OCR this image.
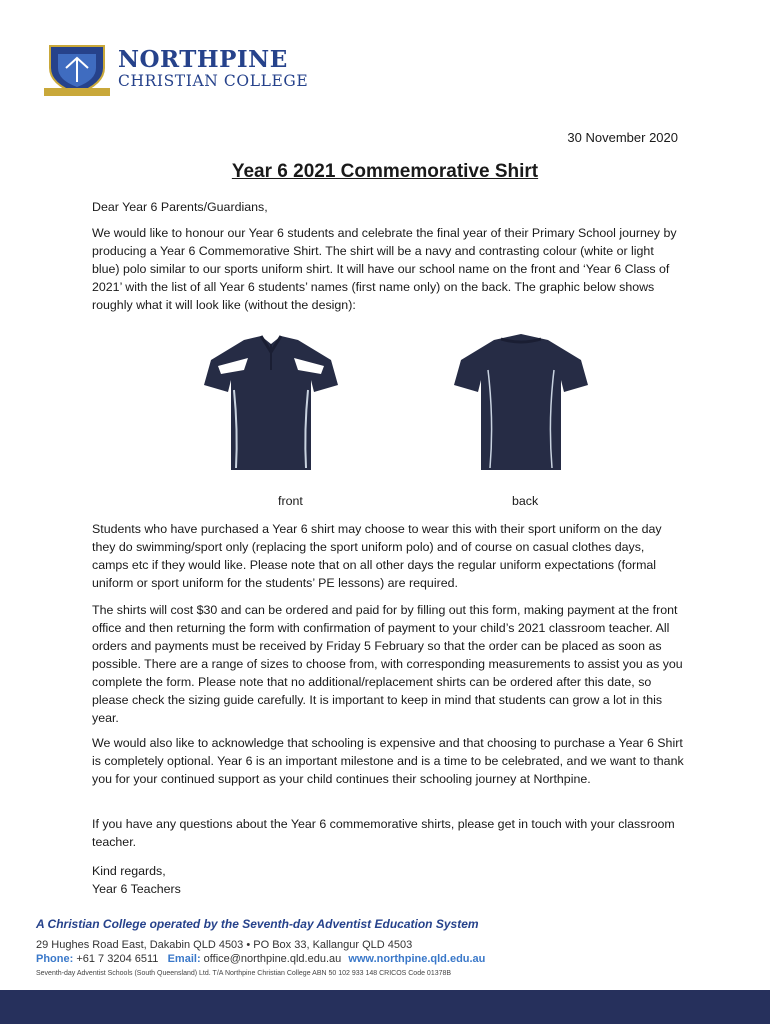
NORTHPINE
CHRISTIAN COLLEGE
30 November 2020
Year 6 2021 Commemorative Shirt
Dear Year 6 Parents/Guardians,
We would like to honour our Year 6 students and celebrate the final year of their Primary School journey by producing a Year 6 Commemorative Shirt. The shirt will be a navy and contrasting colour (white or light blue) polo similar to our sports uniform shirt. It will have our school name on the front and ‘Year 6 Class of 2021’ with the list of all Year 6 students’ names (first name only) on the back. The graphic below shows roughly what it will look like (without the design):
front	back
Students who have purchased a Year 6 shirt may choose to wear this with their sport uniform on the day they do swimming/sport only (replacing the sport uniform polo) and of course on casual clothes days, camps etc if they would like. Please note that on all other days the regular uniform expectations (formal uniform or sport uniform for the students’ PE lessons) are required.
The shirts will cost $30 and can be ordered and paid for by filling out this form, making payment at the front office and then returning the form with confirmation of payment to your child’s 2021 classroom teacher. All orders and payments must be received by Friday 5 February so that the order can be placed as soon as possible. There are a range of sizes to choose from, with corresponding measurements to assist you as you complete the form. Please note that no additional/replacement shirts can be ordered after this date, so please check the sizing guide carefully. It is important to keep in mind that students can grow a lot in this year.
We would also like to acknowledge that schooling is expensive and that choosing to purchase a Year 6 Shirt is completely optional. Year 6 is an important milestone and is a time to be celebrated, and we want to thank you for your continued support as your child continues their schooling journey at Northpine.
If you have any questions about the Year 6 commemorative shirts, please get in touch with your classroom teacher.
Kind regards,
Year 6 Teachers
A Christian College operated by the Seventh-day Adventist Education System
29 Hughes Road East, Dakabin QLD 4503 • PO Box 33, Kallangur QLD 4503
Phone: +61 7 3204 6511 Email: office@northpine.qld.edu.au www.northpine.qld.edu.au
Seventh-day Adventist Schools (South Queensland) Ltd. T/A Northpine Christian College ABN 50 102 933 148 CRICOS Code 01378B
